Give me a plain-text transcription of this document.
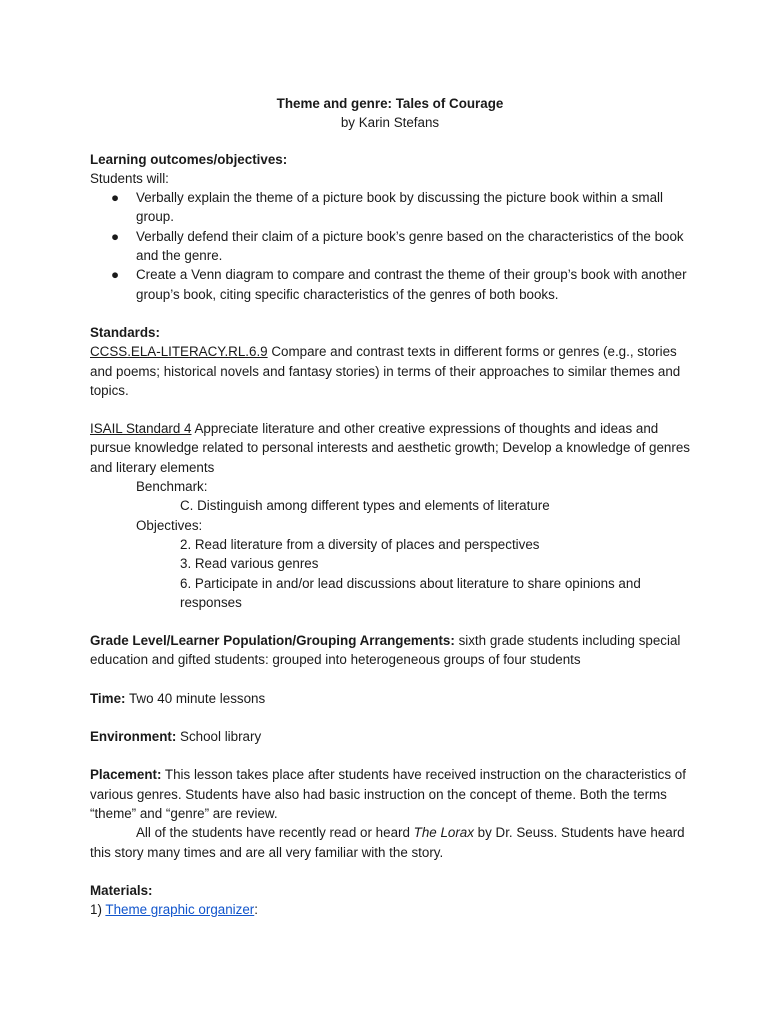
Theme and genre: Tales of Courage

by Karin Stefans

Learning outcomes/objectives:

Students will:

● Verbally explain the theme of a picture book by discussing the picture book within a small group.
● Verbally defend their claim of a picture book’s genre based on the characteristics of the book and the genre.
● Create a Venn diagram to compare and contrast the theme of their group’s book with another group’s book, citing specific characteristics of the genres of both books.

Standards:

CCSS.ELA-LITERACY.RL.6.9 Compare and contrast texts in different forms or genres (e.g., stories and poems; historical novels and fantasy stories) in terms of their approaches to similar themes and topics.

ISAIL Standard 4 Appreciate literature and other creative expressions of thoughts and ideas and pursue knowledge related to personal interests and aesthetic growth; Develop a knowledge of genres and literary elements

Benchmark:

C. Distinguish among different types and elements of literature

Objectives:

2. Read literature from a diversity of places and perspectives

3. Read various genres

6. Participate in and/or lead discussions about literature to share opinions and responses

Grade Level/Learner Population/Grouping Arrangements: sixth grade students including special education and gifted students: grouped into heterogeneous groups of four students

Time: Two 40 minute lessons

Environment: School library

Placement: This lesson takes place after students have received instruction on the characteristics of various genres. Students have also had basic instruction on the concept of theme. Both the terms “theme” and “genre” are review.

All of the students have recently read or heard The Lorax by Dr. Seuss. Students have heard this story many times and are all very familiar with the story.

Materials:

1) Theme graphic organizer:
